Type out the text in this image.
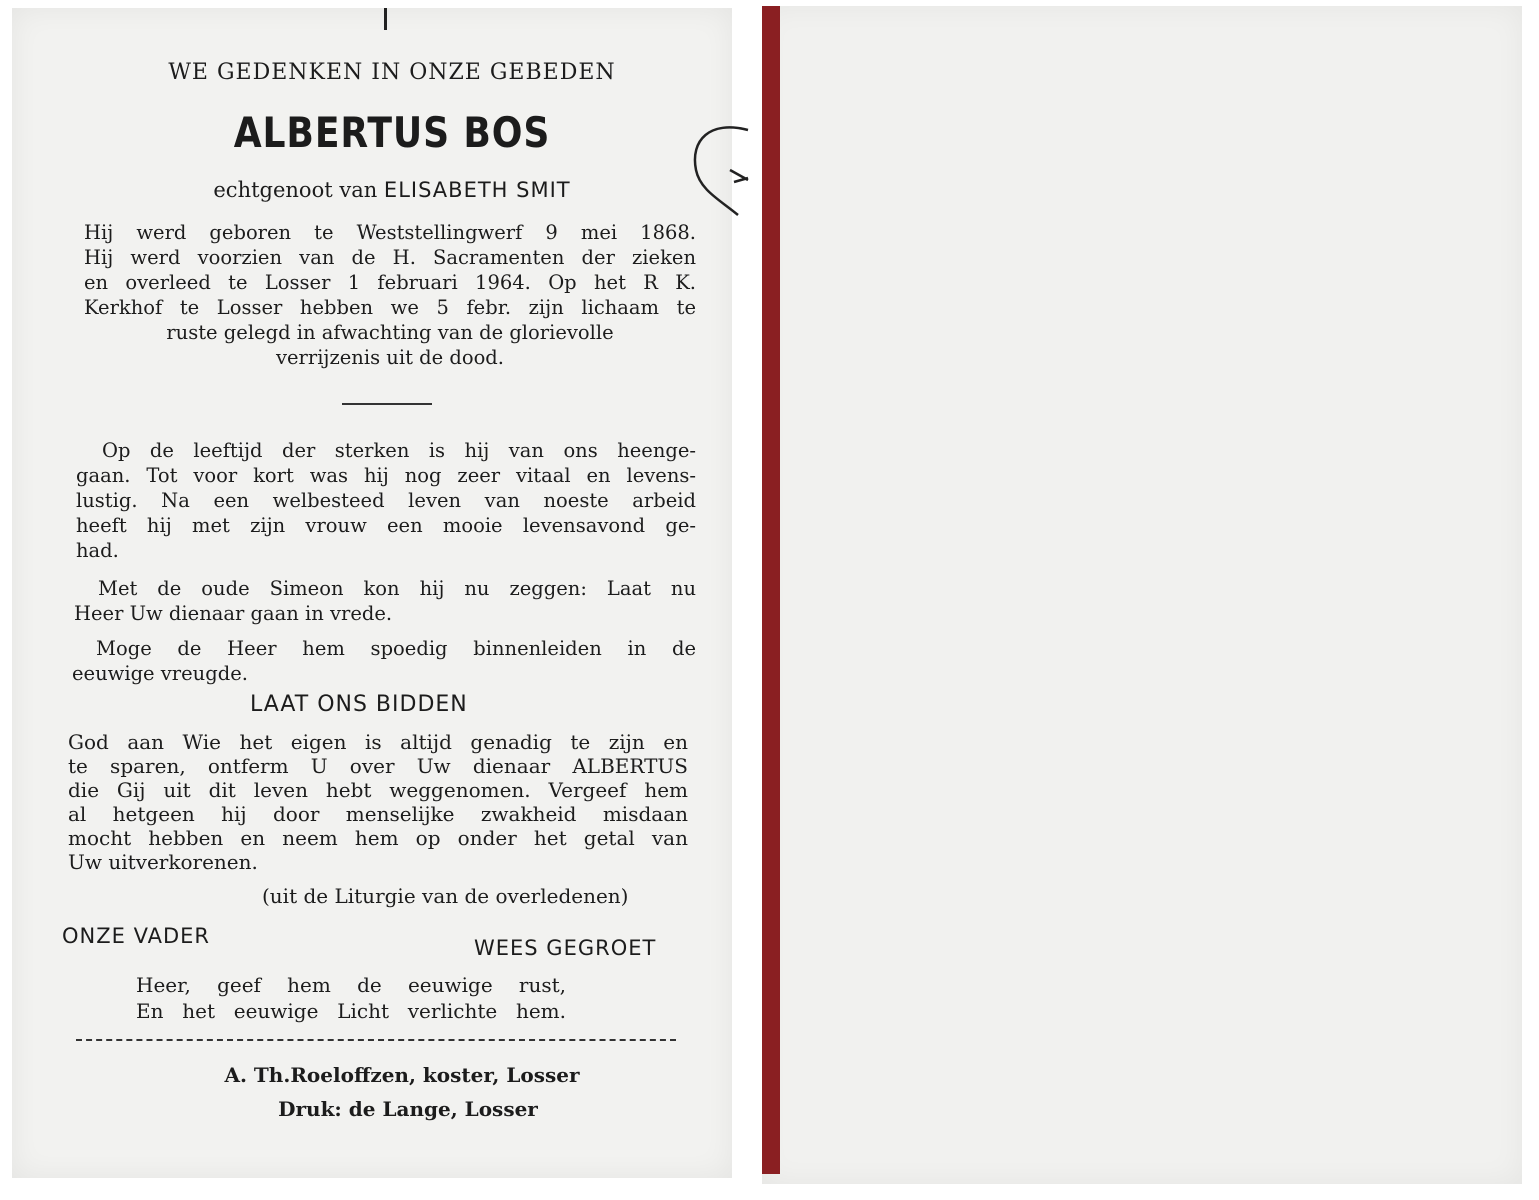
WE GEDENKEN IN ONZE GEBEDEN

ALBERTUS BOS

echtgenoot van ELISABETH SMIT

Hij werd geboren te Weststellingwerf 9 mei 1868.
Hij werd voorzien van de H. Sacramenten der zieken
en overleed te Losser 1 februari 1964. Op het R K.
Kerkhof te Losser hebben we 5 febr. zijn lichaam te
ruste gelegd in afwachting van de glorievolle
verrijzenis uit de dood.
Op de leeftijd der sterken is hij van ons heenge-
gaan. Tot voor kort was hij nog zeer vitaal en levens-
lustig. Na een welbesteed leven van noeste arbeid
heeft hij met zijn vrouw een mooie levensavond ge-
had.
Met de oude Simeon kon hij nu zeggen: Laat nu
Heer Uw dienaar gaan in vrede.
Moge de Heer hem spoedig binnenleiden in de
eeuwige vreugde.

LAAT ONS BIDDEN

God aan Wie het eigen is altijd genadig te zijn en
te sparen, ontferm U over Uw dienaar ALBERTUS
die Gij uit dit leven hebt weggenomen. Vergeef hem
al hetgeen hij door menselijke zwakheid misdaan
mocht hebben en neem hem op onder het getal van
Uw uitverkorenen.

(uit de Liturgie van de overledenen)

ONZE VADER	WEES GEGROET

Heer, geef hem de eeuwige rust,
En het eeuwige Licht verlichte hem.
A. Th.Roeloffzen, koster, Losser
Druk: de Lange, Losser
